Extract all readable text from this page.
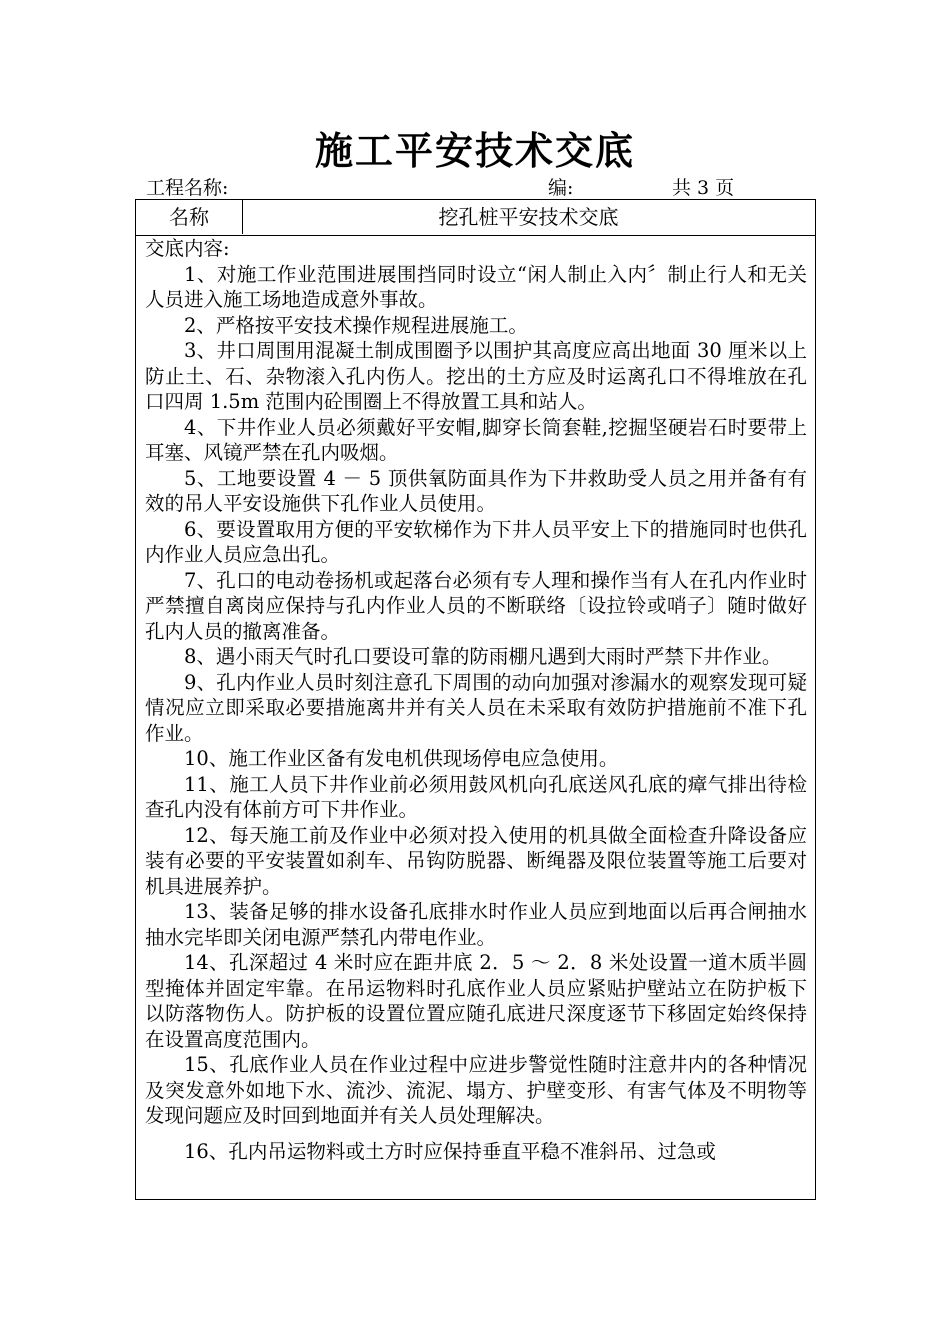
施工平安技术交底
工程名称:	编:	共 3 页
名称	挖孔桩平安技术交底
交底内容:

1、对施工作业范围进展围挡同时设立“闲人制止入内〞制止行人和无关人员进入施工场地造成意外事故。

2、严格按平安技术操作规程进展施工。

3、井口周围用混凝土制成围圈予以围护其高度应高出地面 30 厘米以上防止土、石、杂物滚入孔内伤人。挖出的土方应及时运离孔口不得堆放在孔口四周 1.5m 范围内砼围圈上不得放置工具和站人。

4、下井作业人员必须戴好平安帽,脚穿长筒套鞋,挖掘坚硬岩石时要带上耳塞、风镜严禁在孔内吸烟。

5、工地要设置 4 － 5 顶供氧防面具作为下井救助受人员之用并备有有效的吊人平安设施供下孔作业人员使用。

6、要设置取用方便的平安软梯作为下井人员平安上下的措施同时也供孔内作业人员应急出孔。

7、孔口的电动卷扬机或起落台必须有专人理和操作当有人在孔内作业时严禁擅自离岗应保持与孔内作业人员的不断联络〔设拉铃或哨子〕随时做好孔内人员的撤离准备。

8、遇小雨天气时孔口要设可靠的防雨棚凡遇到大雨时严禁下井作业。

9、孔内作业人员时刻注意孔下周围的动向加强对渗漏水的观察发现可疑情况应立即采取必要措施离井并有关人员在未采取有效防护措施前不准下孔作业。

10、施工作业区备有发电机供现场停电应急使用。

11、施工人员下井作业前必须用鼓风机向孔底送风孔底的瘴气排出待检查孔内没有体前方可下井作业。

12、每天施工前及作业中必须对投入使用的机具做全面检查升降设备应装有必要的平安装置如刹车、吊钩防脱器、断绳器及限位装置等施工后要对机具进展养护。

13、装备足够的排水设备孔底排水时作业人员应到地面以后再合闸抽水抽水完毕即关闭电源严禁孔内带电作业。

14、孔深超过 4 米时应在距井底 2．5 ～ 2．8 米处设置一道木质半圆型掩体并固定牢靠。在吊运物料时孔底作业人员应紧贴护壁站立在防护板下以防落物伤人。防护板的设置位置应随孔底进尺深度逐节下移固定始终保持在设置高度范围内。

15、孔底作业人员在作业过程中应进步警觉性随时注意井内的各种情况及突发意外如地下水、流沙、流泥、塌方、护壁变形、有害气体及不明物等发现问题应及时回到地面并有关人员处理解决。

16、孔内吊运物料或土方时应保持垂直平稳不准斜吊、过急或
